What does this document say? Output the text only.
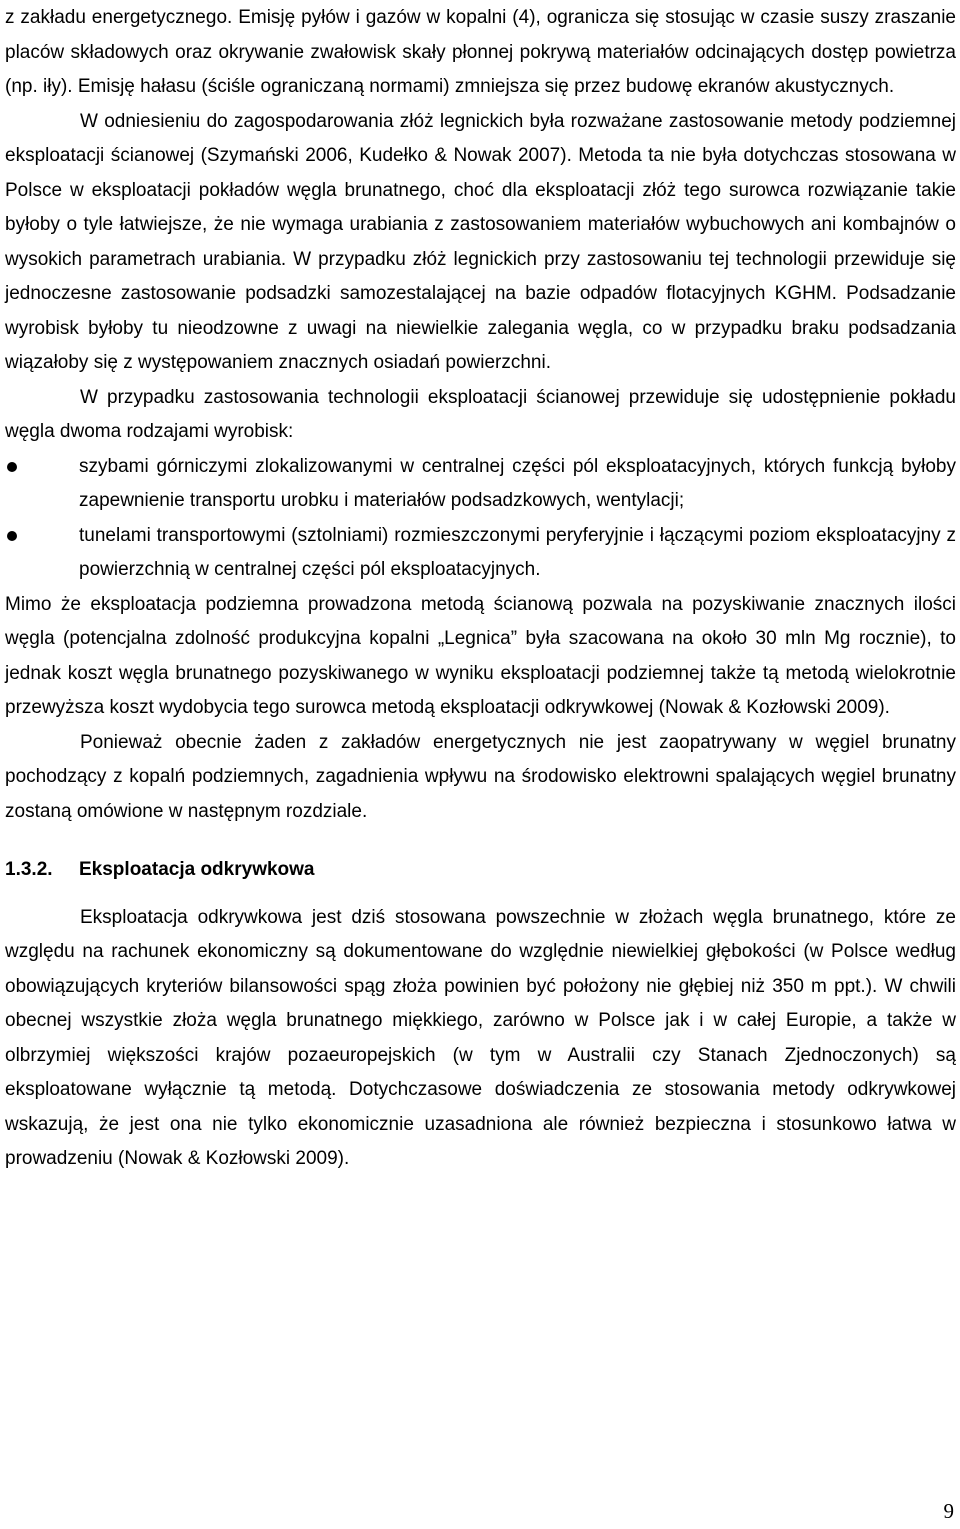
z zakładu energetycznego. Emisję pyłów i gazów w kopalni (4), ogranicza się stosując w czasie suszy zraszanie placów składowych oraz okrywanie zwałowisk skały płonnej pokrywą materiałów odcinających dostęp powietrza (np. iły). Emisję hałasu (ściśle ograniczaną normami) zmniejsza się przez budowę ekranów akustycznych.

W odniesieniu do zagospodarowania złóż legnickich była rozważane zastosowanie metody podziemnej eksploatacji ścianowej (Szymański 2006, Kudełko & Nowak 2007). Metoda ta nie była dotychczas stosowana w Polsce w eksploatacji pokładów węgla brunatnego, choć dla eksploatacji złóż tego surowca rozwiązanie takie byłoby o tyle łatwiejsze, że nie wymaga urabiania z zastosowaniem materiałów wybuchowych ani kombajnów o wysokich parametrach urabiania. W przypadku złóż legnickich przy zastosowaniu tej technologii przewiduje się jednoczesne zastosowanie podsadzki samozestalającej na bazie odpadów flotacyjnych KGHM. Podsadzanie wyrobisk byłoby tu nieodzowne z uwagi na niewielkie zalegania węgla, co w przypadku braku podsadzania wiązałoby się z występowaniem znacznych osiadań powierzchni.

W przypadku zastosowania technologii eksploatacji ścianowej przewiduje się udostępnienie pokładu węgla dwoma rodzajami wyrobisk:

szybami górniczymi zlokalizowanymi w centralnej części pól eksploatacyjnych, których funkcją byłoby zapewnienie transportu urobku i materiałów podsadzkowych, wentylacji;

tunelami transportowymi (sztolniami) rozmieszczonymi peryferyjnie i łączącymi poziom eksploatacyjny z powierzchnią w centralnej części pól eksploatacyjnych.

Mimo że eksploatacja podziemna prowadzona metodą ścianową pozwala na pozyskiwanie znacznych ilości węgla (potencjalna zdolność produkcyjna kopalni „Legnica” była szacowana na około 30 mln Mg rocznie), to jednak koszt węgla brunatnego pozyskiwanego w wyniku eksploatacji podziemnej także tą metodą wielokrotnie przewyższa koszt wydobycia tego surowca metodą eksploatacji odkrywkowej (Nowak & Kozłowski 2009).

Ponieważ obecnie żaden z zakładów energetycznych nie jest zaopatrywany w węgiel brunatny pochodzący z kopalń podziemnych, zagadnienia wpływu na środowisko elektrowni spalających węgiel brunatny zostaną omówione w następnym rozdziale.

1.3.2.	Eksploatacja odkrywkowa

Eksploatacja odkrywkowa jest dziś stosowana powszechnie w złożach węgla brunatnego, które ze względu na rachunek ekonomiczny są dokumentowane do względnie niewielkiej głębokości (w Polsce według obowiązujących kryteriów bilansowości spąg złoża powinien być położony nie głębiej niż 350 m ppt.). W chwili obecnej wszystkie złoża węgla brunatnego miękkiego, zarówno w Polsce jak i w całej Europie, a także w olbrzymiej większości krajów pozaeuropejskich (w tym w Australii czy Stanach Zjednoczonych) są eksploatowane wyłącznie tą metodą. Dotychczasowe doświadczenia ze stosowania metody odkrywkowej wskazują, że jest ona nie tylko ekonomicznie uzasadniona ale również bezpieczna i stosunkowo łatwa w prowadzeniu (Nowak & Kozłowski 2009).

9
